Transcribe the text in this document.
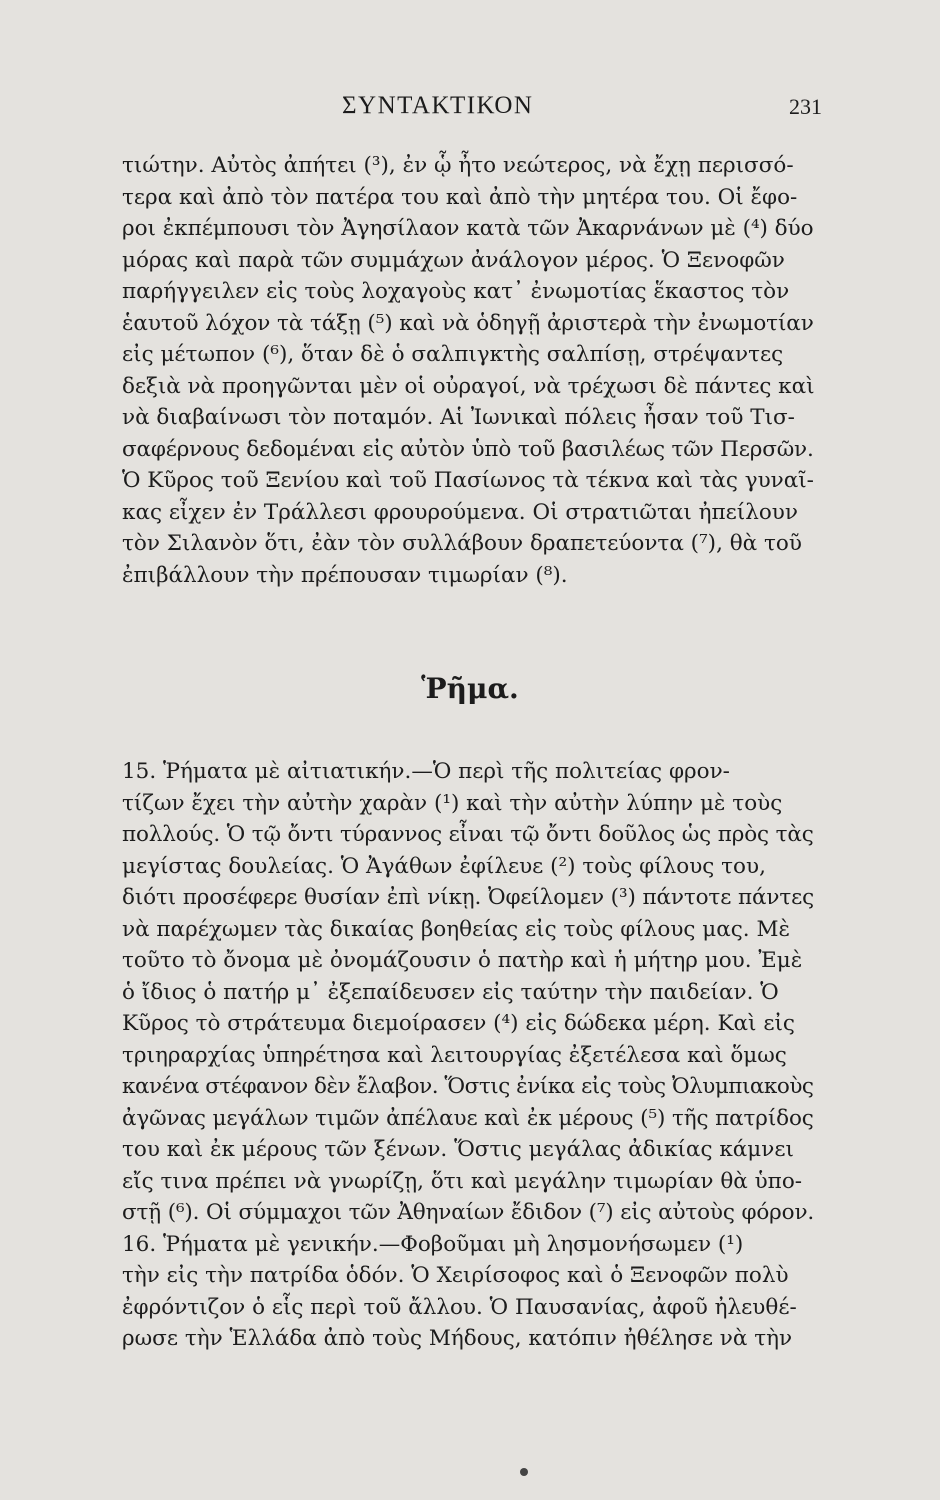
ΣΥΝΤΑΚΤΙΚΟΝ	231
τιώτην. Αὐτὸς ἀπήτει (³), ἐν ᾧ ἦτο νεώτερος, νὰ ἔχῃ περισσό-
τερα καὶ ἀπὸ τὸν πατέρα του καὶ ἀπὸ τὴν μητέρα του. Οἱ ἔφο-
ροι ἐκπέμπουσι τὸν Ἀγησίλαον κατὰ τῶν Ἀκαρνάνων μὲ (⁴) δύο
μόρας καὶ παρὰ τῶν συμμάχων ἀνάλογον μέρος. Ὁ Ξενοφῶν
παρήγγειλεν εἰς τοὺς λοχαγοὺς κατ᾽ ἐνωμοτίας ἕκαστος τὸν
ἑαυτοῦ λόχον τὰ τάξῃ (⁵) καὶ νὰ ὁδηγῇ ἀριστερὰ τὴν ἐνωμοτίαν
εἰς μέτωπον (⁶), ὅταν δὲ ὁ σαλπιγκτὴς σαλπίσῃ, στρέψαντες
δεξιὰ νὰ προηγῶνται μὲν οἱ οὐραγοί, νὰ τρέχωσι δὲ πάντες καὶ
νὰ διαβαίνωσι τὸν ποταμόν. Αἱ Ἰωνικαὶ πόλεις ἦσαν τοῦ Τισ-
σαφέρνους δεδομέναι εἰς αὐτὸν ὑπὸ τοῦ βασιλέως τῶν Περσῶν.
Ὁ Κῦρος τοῦ Ξενίου καὶ τοῦ Πασίωνος τὰ τέκνα καὶ τὰς γυναῖ-
κας εἶχεν ἐν Τράλλεσι φρουρούμενα. Οἱ στρατιῶται ἠπείλουν
τὸν Σιλανὸν ὅτι, ἐὰν τὸν συλλάβουν δραπετεύοντα (⁷), θὰ τοῦ
ἐπιβάλλουν τὴν πρέπουσαν τιμωρίαν (⁸).
Ῥῆμα.
15. Ῥήματα μὲ αἰτιατικήν.—Ὁ περὶ τῆς πολιτείας φρον-
τίζων ἔχει τὴν αὐτὴν χαρὰν (¹) καὶ τὴν αὐτὴν λύπην μὲ τοὺς
πολλούς. Ὁ τῷ ὄντι τύραννος εἶναι τῷ ὄντι δοῦλος ὡς πρὸς τὰς
μεγίστας δουλείας. Ὁ Ἀγάθων ἐφίλευε (²) τοὺς φίλους του,
διότι προσέφερε θυσίαν ἐπὶ νίκῃ. Ὀφείλομεν (³) πάντοτε πάντες
νὰ παρέχωμεν τὰς δικαίας βοηθείας εἰς τοὺς φίλους μας. Μὲ
τοῦτο τὸ ὄνομα μὲ ὀνομάζουσιν ὁ πατὴρ καὶ ἡ μήτηρ μου. Ἐμὲ
ὁ ἴδιος ὁ πατήρ μ᾽ ἐξεπαίδευσεν εἰς ταύτην τὴν παιδείαν. Ὁ
Κῦρος τὸ στράτευμα διεμοίρασεν (⁴) εἰς δώδεκα μέρη. Καὶ εἰς
τριηραρχίας ὑπηρέτησα καὶ λειτουργίας ἐξετέλεσα καὶ ὅμως
κανένα στέφανον δὲν ἔλαβον. Ὅστις ἐνίκα εἰς τοὺς Ὀλυμπιακοὺς
ἀγῶνας μεγάλων τιμῶν ἀπέλαυε καὶ ἐκ μέρους (⁵) τῆς πατρίδος
του καὶ ἐκ μέρους τῶν ξένων. Ὅστις μεγάλας ἀδικίας κάμνει
εἴς τινα πρέπει νὰ γνωρίζῃ, ὅτι καὶ μεγάλην τιμωρίαν θὰ ὑπο-
στῇ (⁶). Οἱ σύμμαχοι τῶν Ἀθηναίων ἔδιδον (⁷) εἰς αὐτοὺς φόρον.
16. Ῥήματα μὲ γενικήν.—Φοβοῦμαι μὴ λησμονήσωμεν (¹)
τὴν εἰς τὴν πατρίδα ὁδόν. Ὁ Χειρίσοφος καὶ ὁ Ξενοφῶν πολὺ
ἐφρόντιζον ὁ εἷς περὶ τοῦ ἄλλου. Ὁ Παυσανίας, ἀφοῦ ἠλευθέ-
ρωσε τὴν Ἑλλάδα ἀπὸ τοὺς Μήδους, κατόπιν ἠθέλησε νὰ τὴν
